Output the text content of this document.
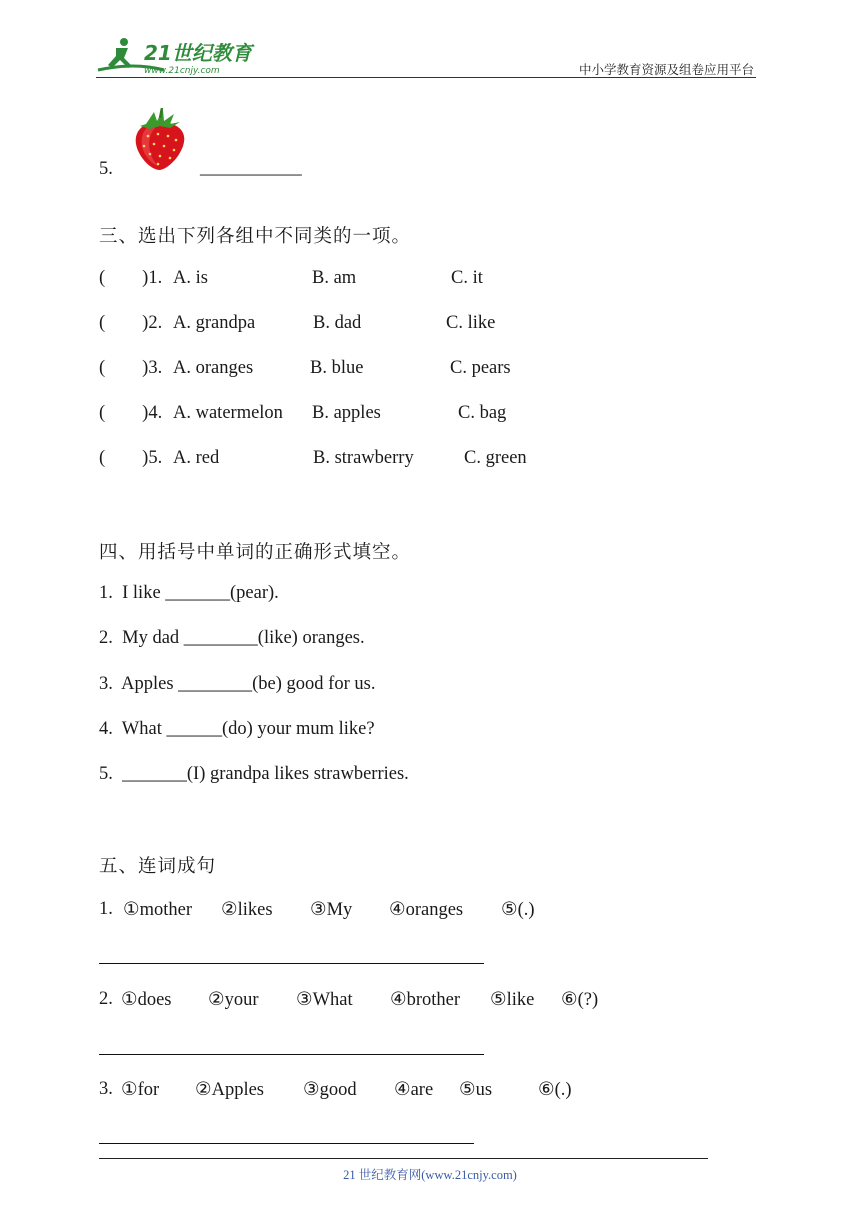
21世纪教育
www.21cnjy.com	中小学教育资源及组卷应用平台
5.	___________
三、选出下列各组中不同类的一项。
(        )1. A. is	B. am	C. it
(        )2. A. grandpa	B. dad	C. like
(        )3. A. oranges	B. blue	C. pears
(        )4. A. watermelon B. apples	C. bag
(        )5. A. red	B. strawberry	C. green
四、用括号中单词的正确形式填空。
1.  I like _______(pear).
2.  My dad ________(like) oranges.
3.  Apples ________(be) good for us.
4.  What ______(do) your mum like?
5.  _______(I) grandpa likes strawberries.
五、连词成句
1. ①mother ②likes ③My ④oranges ⑤(.)
2. ①does ②your ③What ④brother ⑤like ⑥(?)
3. ①for ②Apples ③good ④are ⑤us ⑥(.)
21 世纪教育网(www.21cnjy.com)
